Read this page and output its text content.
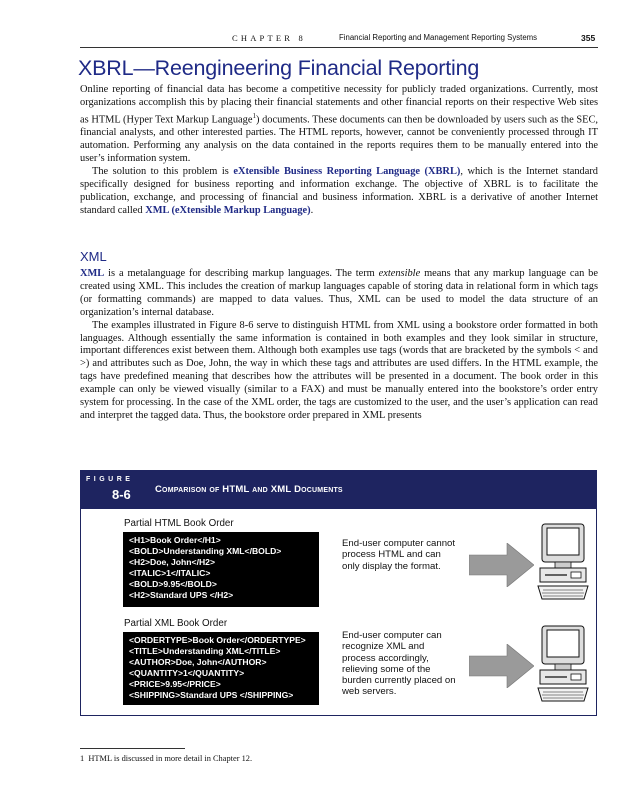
CHAPTER 8	Financial Reporting and Management Reporting Systems	355
XBRL—Reengineering Financial Reporting

Online reporting of financial data has become a competitive necessity for publicly traded organizations. Currently, most organizations accomplish this by placing their financial statements and other financial reports on their respective Web sites as HTML (Hyper Text Markup Language$^1$) documents. These documents can then be downloaded by users such as the SEC, financial analysts, and other interested parties. The HTML reports, however, cannot be conveniently processed through IT automation. Performing any analysis on the data contained in the reports requires them to be manually entered into the user’s information system.

The solution to this problem is eXtensible Business Reporting Language (XBRL), which is the Internet standard specifically designed for business reporting and information exchange. The objective of XBRL is to facilitate the publication, exchange, and processing of financial and business information. XBRL is a derivative of another Internet standard called XML (eXtensible Markup Language).

XML

XML is a metalanguage for describing markup languages. The term extensible means that any markup language can be created using XML. This includes the creation of markup languages capable of storing data in relational form in which tags (or formatting commands) are mapped to data values. Thus, XML can be used to model the data structure of an organization’s internal database.

The examples illustrated in Figure 8-6 serve to distinguish HTML from XML using a bookstore order formatted in both languages. Although essentially the same information is contained in both examples and they look similar in structure, important differences exist between them. Although both examples use tags (words that are bracketed by the symbols < and >) and attributes such as Doe, John, the way in which these tags and attributes are used differs. In the HTML example, the tags have predefined meaning that describes how the attributes will be presented in a document. The book order in this example can only be viewed visually (similar to a FAX) and must be manually entered into the bookstore’s order entry system for processing. In the case of the XML order, the tags are customized to the user, and the user’s application can read and interpret the tagged data. Thus, the bookstore order prepared in XML presents

FIGURE
8-6	Comparison of HTML and XML Documents
Partial HTML Book Order
<H1>Book Order</H1>
<BOLD>Understanding XML</BOLD>
<H2>Doe, John</H2>
<ITALIC>1</ITALIC>
<BOLD>9.95</BOLD>
<H2>Standard UPS </H2>
End-user computer cannot process HTML and can only display the format.
Partial XML Book Order
<ORDERTYPE>Book Order</ORDERTYPE>
<TITLE>Understanding XML</TITLE>
<AUTHOR>Doe, John</AUTHOR>
<QUANTITY>1</QUANTITY>
<PRICE>9.95</PRICE>
<SHIPPING>Standard UPS </SHIPPING>
End-user computer can recognize XML and process accordingly, relieving some of the burden currently placed on web servers.
1 HTML is discussed in more detail in Chapter 12.
